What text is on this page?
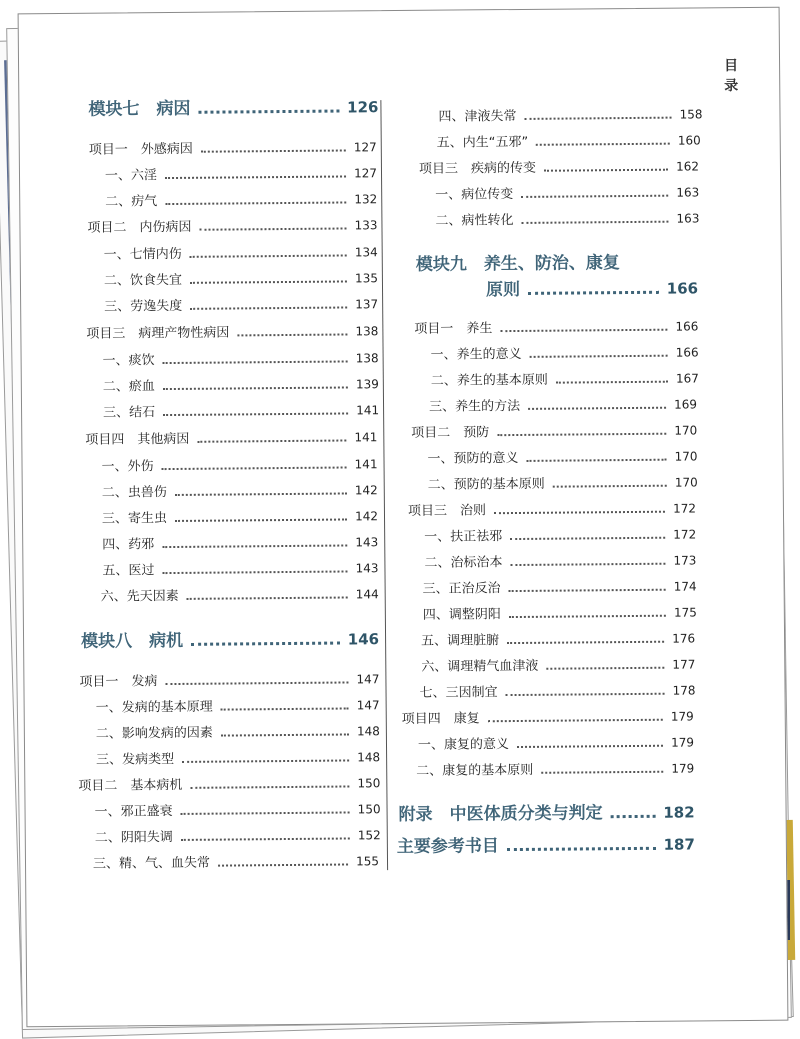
目 录
模块七　病因	126
项目一　外感病因	127
一、六淫	127
二、疠气	132
项目二　内伤病因	133
一、七情内伤	134
二、饮食失宜	135
三、劳逸失度	137
项目三　病理产物性病因	138
一、痰饮	138
二、瘀血	139
三、结石	141
项目四　其他病因	141
一、外伤	141
二、虫兽伤	142
三、寄生虫	142
四、药邪	143
五、医过	143
六、先天因素	144
模块八　病机	146
项目一　发病	147
一、发病的基本原理	147
二、影响发病的因素	148
三、发病类型	148
项目二　基本病机	150
一、邪正盛衰	150
二、阴阳失调	152
三、精、气、血失常	155
四、津液失常	158
五、内生“五邪”	160
项目三　疾病的传变	162
一、病位传变	163
二、病性转化	163
模块九　养生、防治、康复
原则	166
项目一　养生	166
一、养生的意义	166
二、养生的基本原则	167
三、养生的方法	169
项目二　预防	170
一、预防的意义	170
二、预防的基本原则	170
项目三　治则	172
一、扶正祛邪	172
二、治标治本	173
三、正治反治	174
四、调整阴阳	175
五、调理脏腑	176
六、调理精气血津液	177
七、三因制宜	178
项目四　康复	179
一、康复的意义	179
二、康复的基本原则	179
附录　中医体质分类与判定	182
主要参考书目	187
